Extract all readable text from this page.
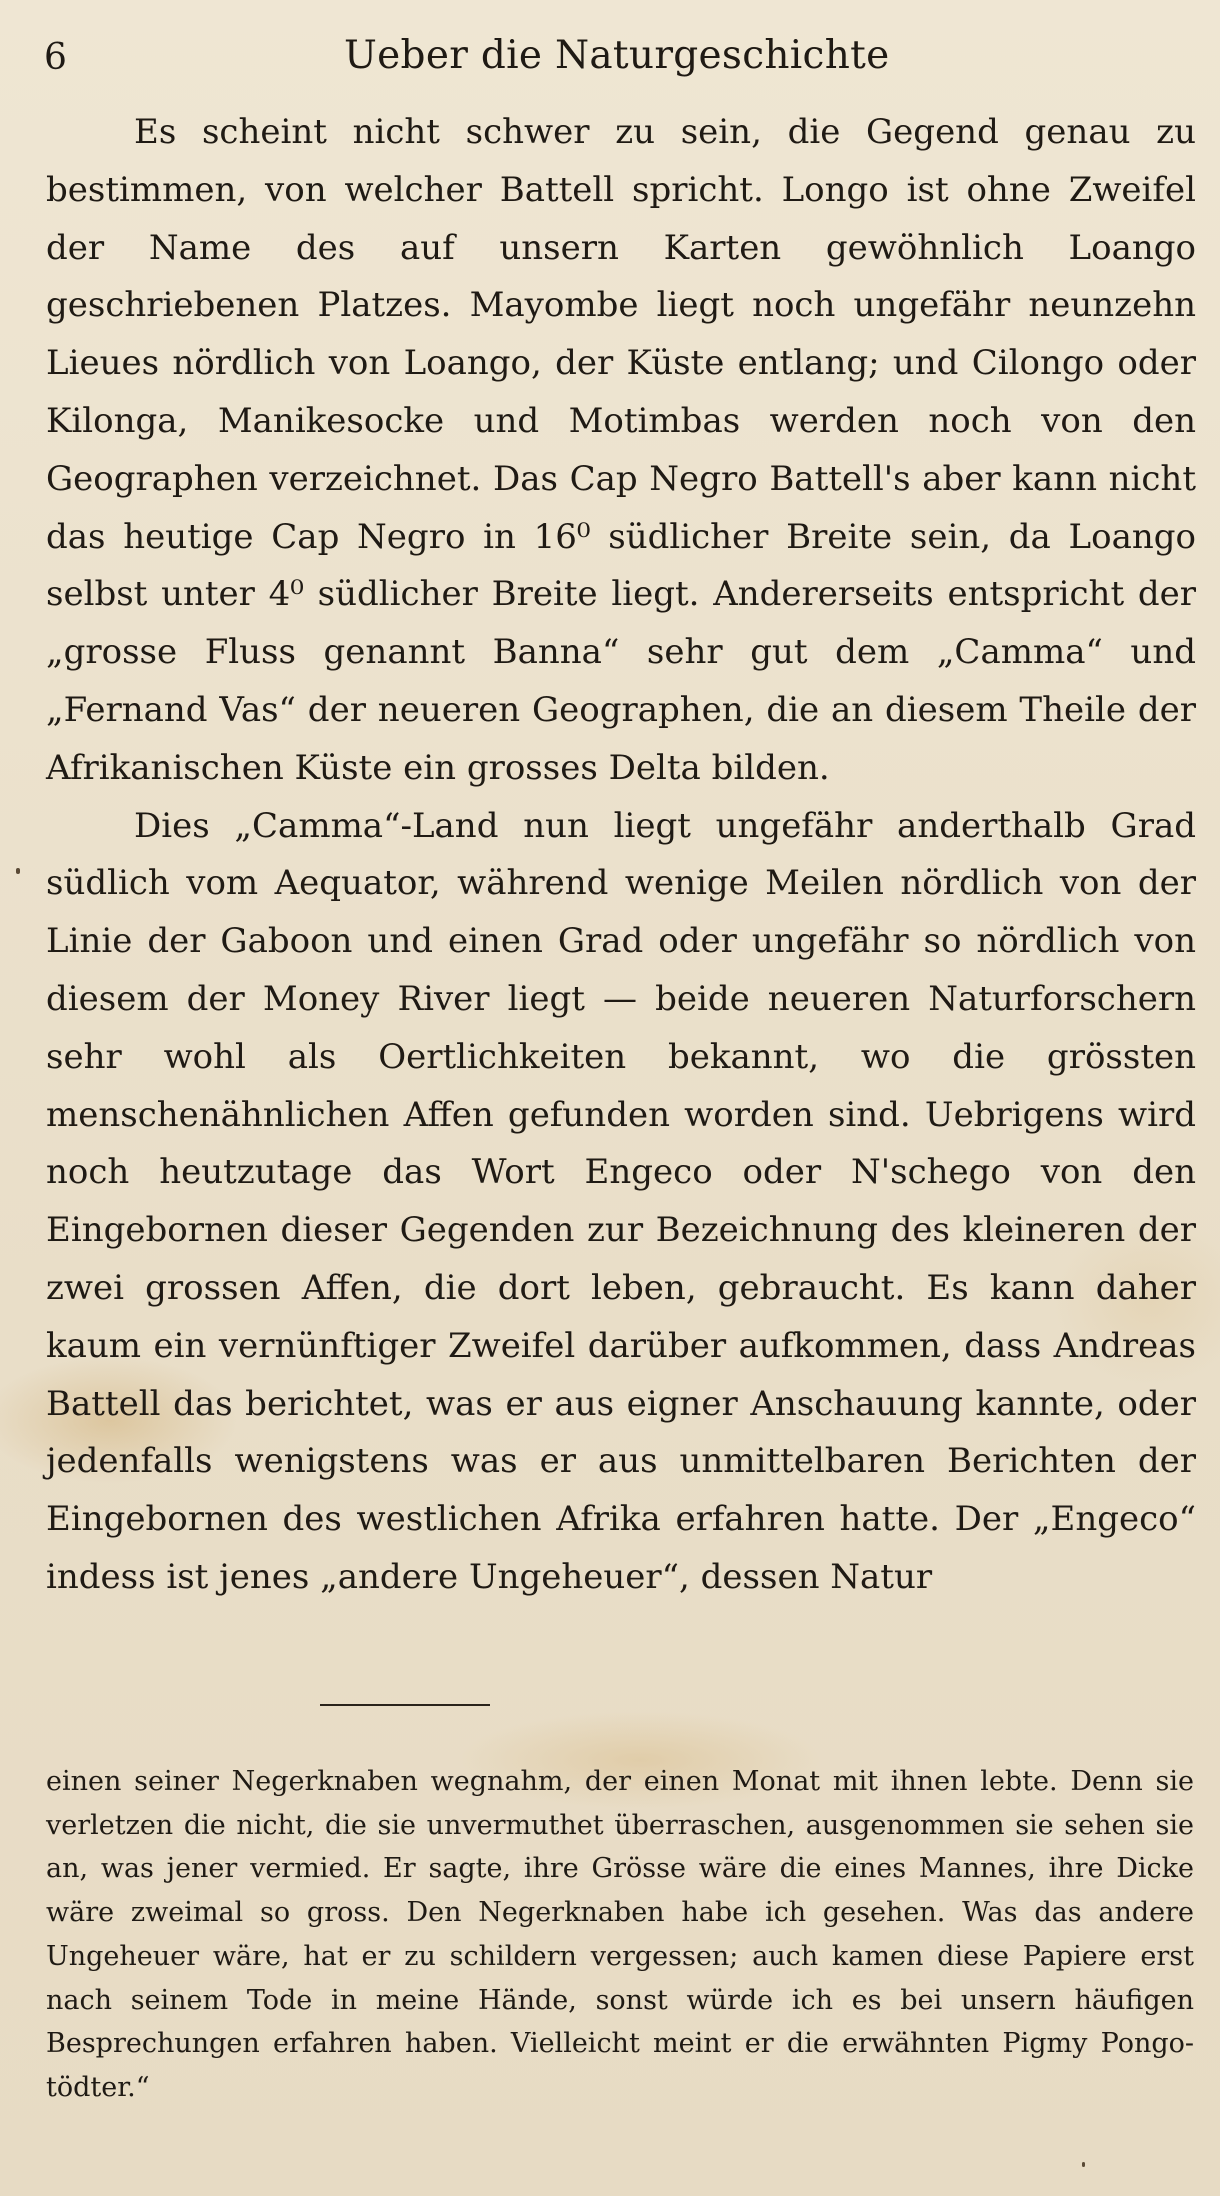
6	Ueber die Naturgeschichte

Es scheint nicht schwer zu sein, die Gegend genau zu bestimmen, von welcher Battell spricht. Longo ist ohne Zweifel der Name des auf unsern Karten gewöhnlich Loango geschriebenen Platzes. Mayombe liegt noch ungefähr neunzehn Lieues nördlich von Loango, der Küste entlang; und Cilongo oder Kilonga, Manikesocke und Motimbas werden noch von den Geographen verzeichnet. Das Cap Negro Battell's aber kann nicht das heutige Cap Negro in 16⁰ südlicher Breite sein, da Loango selbst unter 4⁰ südlicher Breite liegt. Andererseits entspricht der „grosse Fluss genannt Banna“ sehr gut dem „Camma“ und „Fernand Vas“ der neueren Geographen, die an diesem Theile der Afrikanischen Küste ein grosses Delta bilden.

Dies „Camma“-Land nun liegt ungefähr anderthalb Grad südlich vom Aequator, während wenige Meilen nördlich von der Linie der Gaboon und einen Grad oder ungefähr so nördlich von diesem der Money River liegt — beide neueren Naturforschern sehr wohl als Oertlichkeiten bekannt, wo die grössten menschenähnlichen Affen gefunden worden sind. Uebrigens wird noch heutzutage das Wort Engeco oder N'schego von den Eingebornen dieser Gegenden zur Bezeichnung des kleineren der zwei grossen Affen, die dort leben, gebraucht. Es kann daher kaum ein vernünftiger Zweifel darüber aufkommen, dass Andreas Battell das berichtet, was er aus eigner Anschauung kannte, oder jedenfalls wenigstens was er aus unmittelbaren Berichten der Eingebornen des westlichen Afrika erfahren hatte. Der „Engeco“ indess ist jenes „andere Ungeheuer“, dessen Natur

einen seiner Negerknaben wegnahm, der einen Monat mit ihnen lebte. Denn sie verletzen die nicht, die sie unvermuthet überraschen, ausgenommen sie sehen sie an, was jener vermied. Er sagte, ihre Grösse wäre die eines Mannes, ihre Dicke wäre zweimal so gross. Den Negerknaben habe ich gesehen. Was das andere Ungeheuer wäre, hat er zu schildern vergessen; auch kamen diese Papiere erst nach seinem Tode in meine Hände, sonst würde ich es bei unsern häufigen Besprechungen erfahren haben. Vielleicht meint er die erwähnten Pigmy Pongo-tödter.“
